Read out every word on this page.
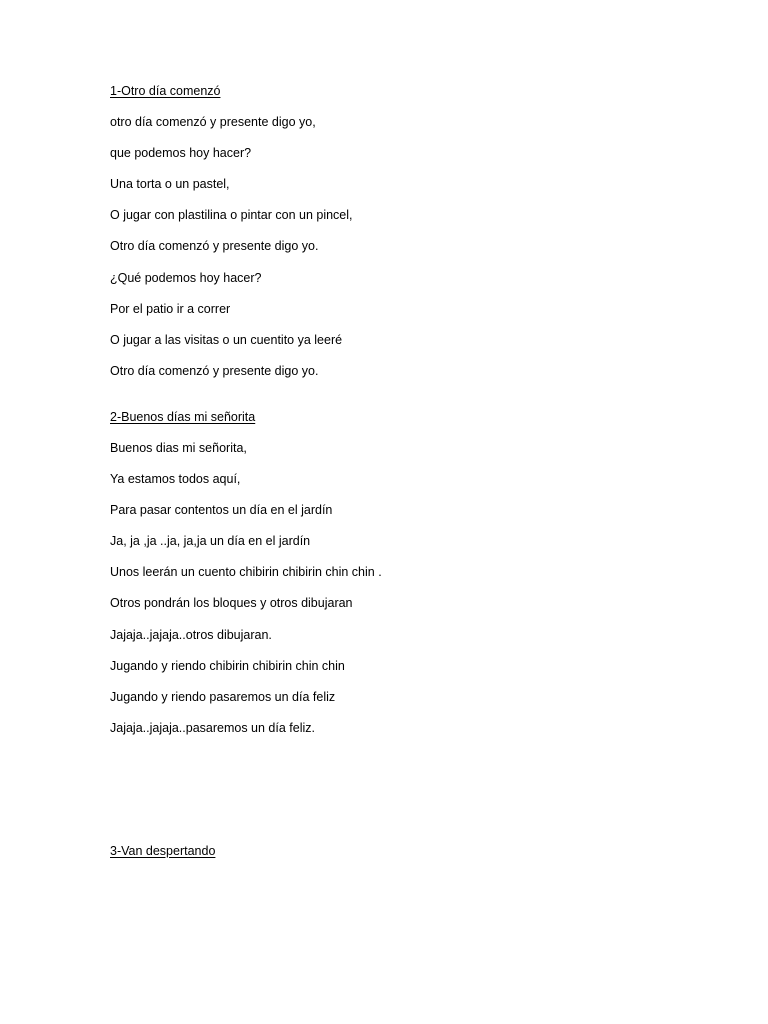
1-Otro día comenzó
otro día comenzó y presente digo yo,
que podemos hoy hacer?
Una torta o un pastel,
O jugar con plastilina o pintar con un pincel,
Otro día comenzó y presente digo yo.
¿Qué podemos hoy hacer?
Por el patio ir a correr
O jugar a las visitas o un cuentito ya leeré
Otro día comenzó y presente digo yo.
2-Buenos días mi señorita
Buenos dias mi señorita,
Ya estamos todos aquí,
Para pasar contentos un día en el jardín
Ja, ja ,ja ..ja, ja,ja un día en el jardín
Unos leerán un cuento chibirin chibirin chin chin .
Otros pondrán los bloques y otros dibujaran
Jajaja..jajaja..otros dibujaran.
Jugando y riendo chibirin chibirin chin chin
Jugando y riendo pasaremos un día feliz
Jajaja..jajaja..pasaremos un día feliz.
3-Van despertando
